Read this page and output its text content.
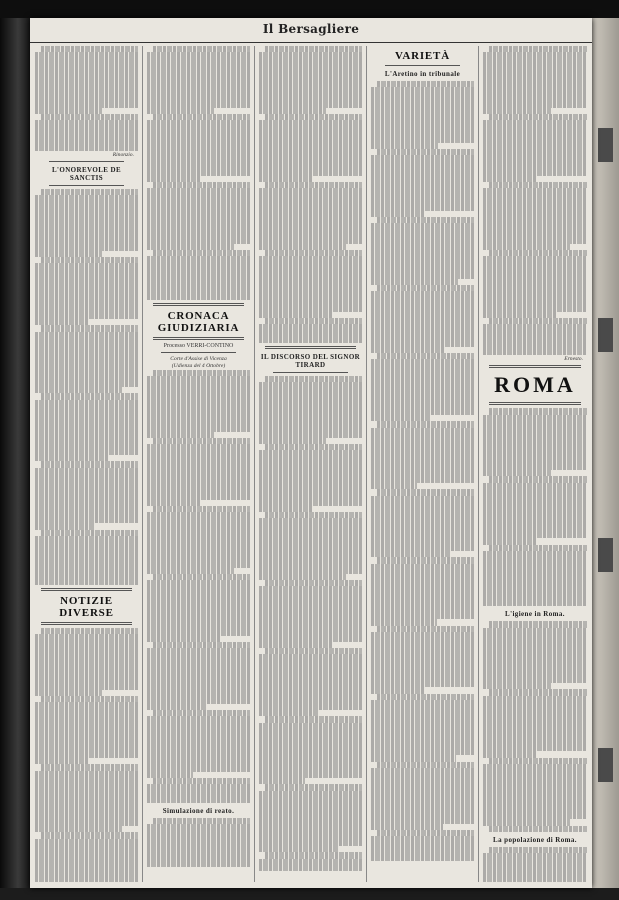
Il Bersagliere
Rinonzio.
L'ONOREVOLE DE SANCTIS
NOTIZIE DIVERSE
CRONACA GIUDIZIARIA
Processo VERRI-CONTINO
Corte d'Assise di Vicenza
(Udienza del 4 Ottobre)
Simulazione di reato.
IL DISCORSO DEL SIGNOR TIRARD
VARIETÀ
L'Aretino in tribunale
Ernesto.
ROMA
L'igiene in Roma.
La popolazione di Roma.
